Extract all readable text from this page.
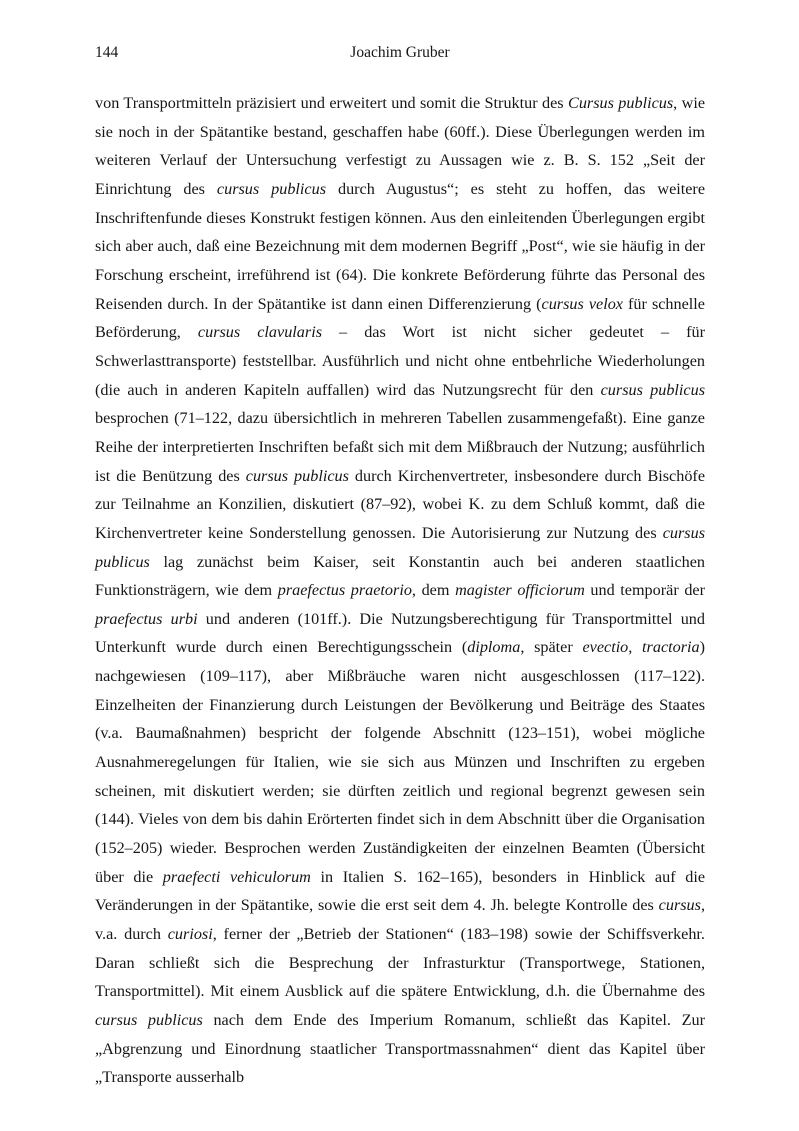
144	Joachim Gruber
von Transportmitteln präzisiert und erweitert und somit die Struktur des Cursus publicus, wie sie noch in der Spätantike bestand, geschaffen habe (60ff.). Diese Überlegungen werden im weiteren Verlauf der Untersuchung verfestigt zu Aussagen wie z. B. S. 152 „Seit der Einrichtung des cursus publicus durch Augustus“; es steht zu hoffen, das weitere Inschriftenfunde dieses Konstrukt festigen können. Aus den einleitenden Überlegungen ergibt sich aber auch, daß eine Bezeichnung mit dem modernen Begriff „Post“, wie sie häufig in der Forschung erscheint, irreführend ist (64). Die konkrete Beförderung führte das Personal des Reisenden durch. In der Spätantike ist dann einen Differenzierung (cursus velox für schnelle Beförderung, cursus clavularis – das Wort ist nicht sicher gedeutet – für Schwerlasttransporte) feststellbar. Ausführlich und nicht ohne entbehrliche Wiederholungen (die auch in anderen Kapiteln auffallen) wird das Nutzungsrecht für den cursus publicus besprochen (71–122, dazu übersichtlich in mehreren Tabellen zusammengefaßt). Eine ganze Reihe der interpretierten Inschriften befaßt sich mit dem Mißbrauch der Nutzung; ausführlich ist die Benützung des cursus publicus durch Kirchenvertreter, insbesondere durch Bischöfe zur Teilnahme an Konzilien, diskutiert (87–92), wobei K. zu dem Schluß kommt, daß die Kirchenvertreter keine Sonderstellung genossen. Die Autorisierung zur Nutzung des cursus publicus lag zunächst beim Kaiser, seit Konstantin auch bei anderen staatlichen Funktionsträgern, wie dem praefectus praetorio, dem magister officiorum und temporär der praefectus urbi und anderen (101ff.). Die Nutzungsberechtigung für Transportmittel und Unterkunft wurde durch einen Berechtigungsschein (diploma, später evectio, tractoria) nachgewiesen (109–117), aber Mißbräuche waren nicht ausgeschlossen (117–122). Einzelheiten der Finanzierung durch Leistungen der Bevölkerung und Beiträge des Staates (v.a. Baumaßnahmen) bespricht der folgende Abschnitt (123–151), wobei mögliche Ausnahmeregelungen für Italien, wie sie sich aus Münzen und Inschriften zu ergeben scheinen, mit diskutiert werden; sie dürften zeitlich und regional begrenzt gewesen sein (144). Vieles von dem bis dahin Erörterten findet sich in dem Abschnitt über die Organisation (152–205) wieder. Besprochen werden Zuständigkeiten der einzelnen Beamten (Übersicht über die praefecti vehiculorum in Italien S. 162–165), besonders in Hinblick auf die Veränderungen in der Spätantike, sowie die erst seit dem 4. Jh. belegte Kontrolle des cursus, v.a. durch curiosi, ferner der „Betrieb der Stationen“ (183–198) sowie der Schiffsverkehr. Daran schließt sich die Besprechung der Infrasturktur (Transportwege, Stationen, Transportmittel). Mit einem Ausblick auf die spätere Entwicklung, d.h. die Übernahme des cursus publicus nach dem Ende des Imperium Romanum, schließt das Kapitel. Zur „Abgrenzung und Einordnung staatlicher Transportmassnahmen“ dient das Kapitel über „Transporte ausserhalb
